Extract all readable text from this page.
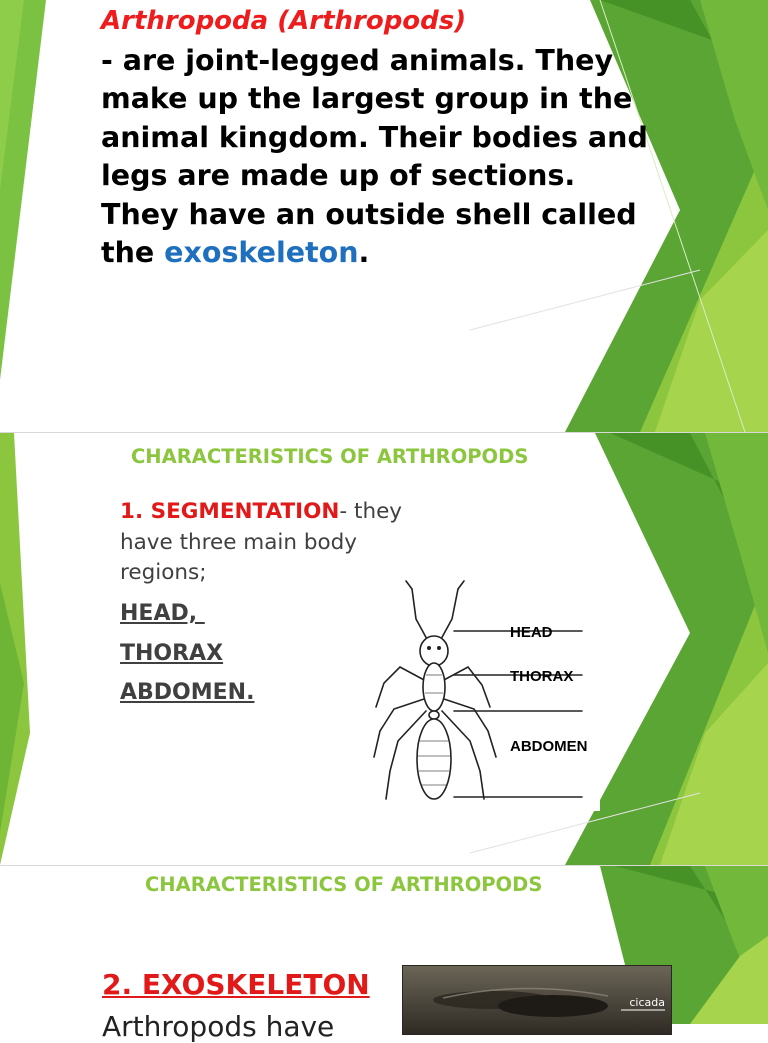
Arthropoda (Arthropods)
- are joint-legged animals. They make up the largest group in the animal kingdom. Their bodies and legs are made up of sections. They have an outside shell called the exoskeleton.
CHARACTERISTICS OF ARTHROPODS
1. SEGMENTATION- they have three main body regions;
HEAD,
THORAX
ABDOMEN.
HEAD
THORAX
ABDOMEN
CHARACTERISTICS OF ARTHROPODS
2. EXOSKELETON
Arthropods have
cicada
